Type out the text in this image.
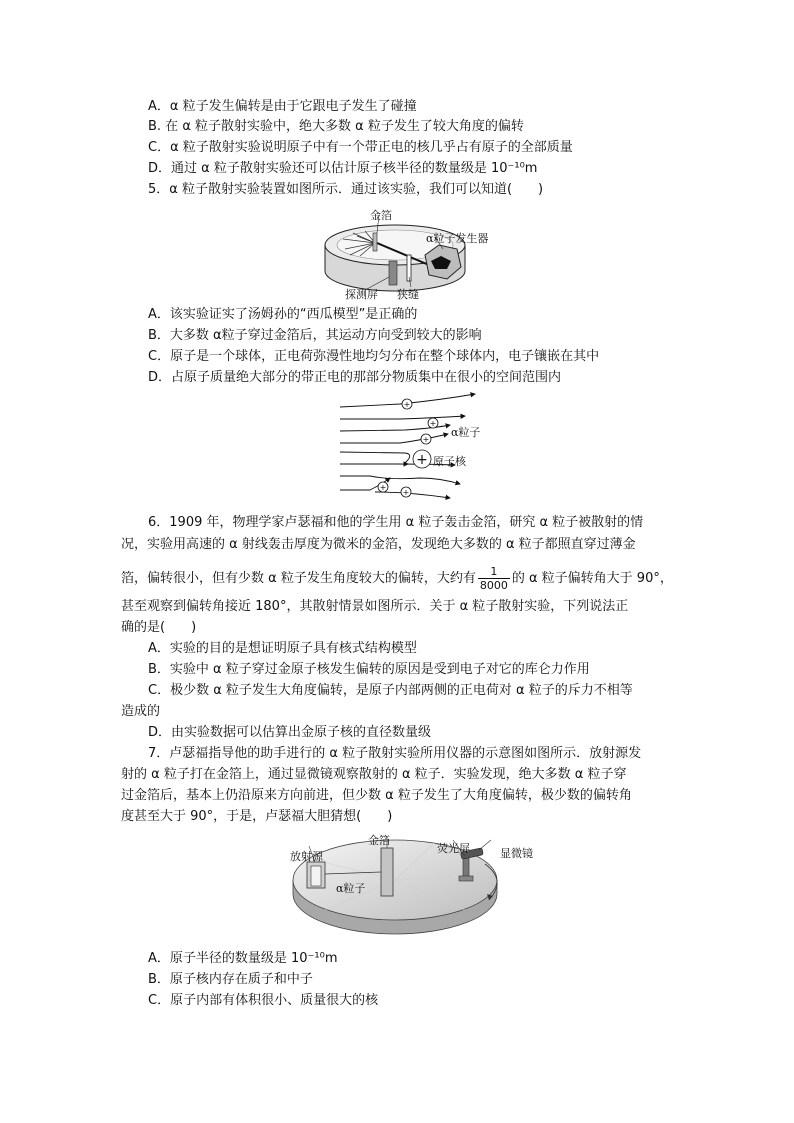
A．α 粒子发生偏转是由于它跟电子发生了碰撞
B. 在 α 粒子散射实验中，绝大多数 α 粒子发生了较大角度的偏转
C．α 粒子散射实验说明原子中有一个带正电的核几乎占有原子的全部质量
D．通过 α 粒子散射实验还可以估计原子核半径的数量级是 10⁻¹⁰m
5．α 粒子散射实验装置如图所示．通过该实验，我们可以知道(　　)
金箔
α粒子发生器
探测屏 狭缝
A．该实验证实了汤姆孙的“西瓜模型”是正确的
B．大多数 α粒子穿过金箔后，其运动方向受到较大的影响
C．原子是一个球体，正电荷弥漫性地均匀分布在整个球体内，电子镶嵌在其中
D．占原子质量绝大部分的带正电的那部分物质集中在很小的空间范围内
+
+
+
+
+
+
α粒子
原子核
6．1909 年，物理学家卢瑟福和他的学生用 α 粒子轰击金箔，研究 α 粒子被散射的情
况，实验用高速的 α 射线轰击厚度为微米的金箔，发现绝大多数的 α 粒子都照直穿过薄金
箔，偏转很小，但有少数 α 粒子发生角度较大的偏转，大约有 $\frac{1}{8000}$ 的 α 粒子偏转角大于 90°，
甚至观察到偏转角接近 180°，其散射情景如图所示．关于 α 粒子散射实验，下列说法正
确的是(　　)
A．实验的目的是想证明原子具有核式结构模型
B．实验中 α 粒子穿过金原子核发生偏转的原因是受到电子对它的库仑力作用
C．极少数 α 粒子发生大角度偏转，是原子内部两侧的正电荷对 α 粒子的斥力不相等
造成的
D．由实验数据可以估算出金原子核的直径数量级
7．卢瑟福指导他的助手进行的 α 粒子散射实验所用仪器的示意图如图所示．放射源发
射的 α 粒子打在金箔上，通过显微镜观察散射的 α 粒子．实验发现，绝大多数 α 粒子穿
过金箔后，基本上仍沿原来方向前进，但少数 α 粒子发生了大角度偏转，极少数的偏转角
度甚至大于 90°，于是，卢瑟福大胆猜想(　　)
放射源
金箔
α粒子
荧光屏	显微镜
A．原子半径的数量级是 10⁻¹⁰m
B．原子核内存在质子和中子
C．原子内部有体积很小、质量很大的核
